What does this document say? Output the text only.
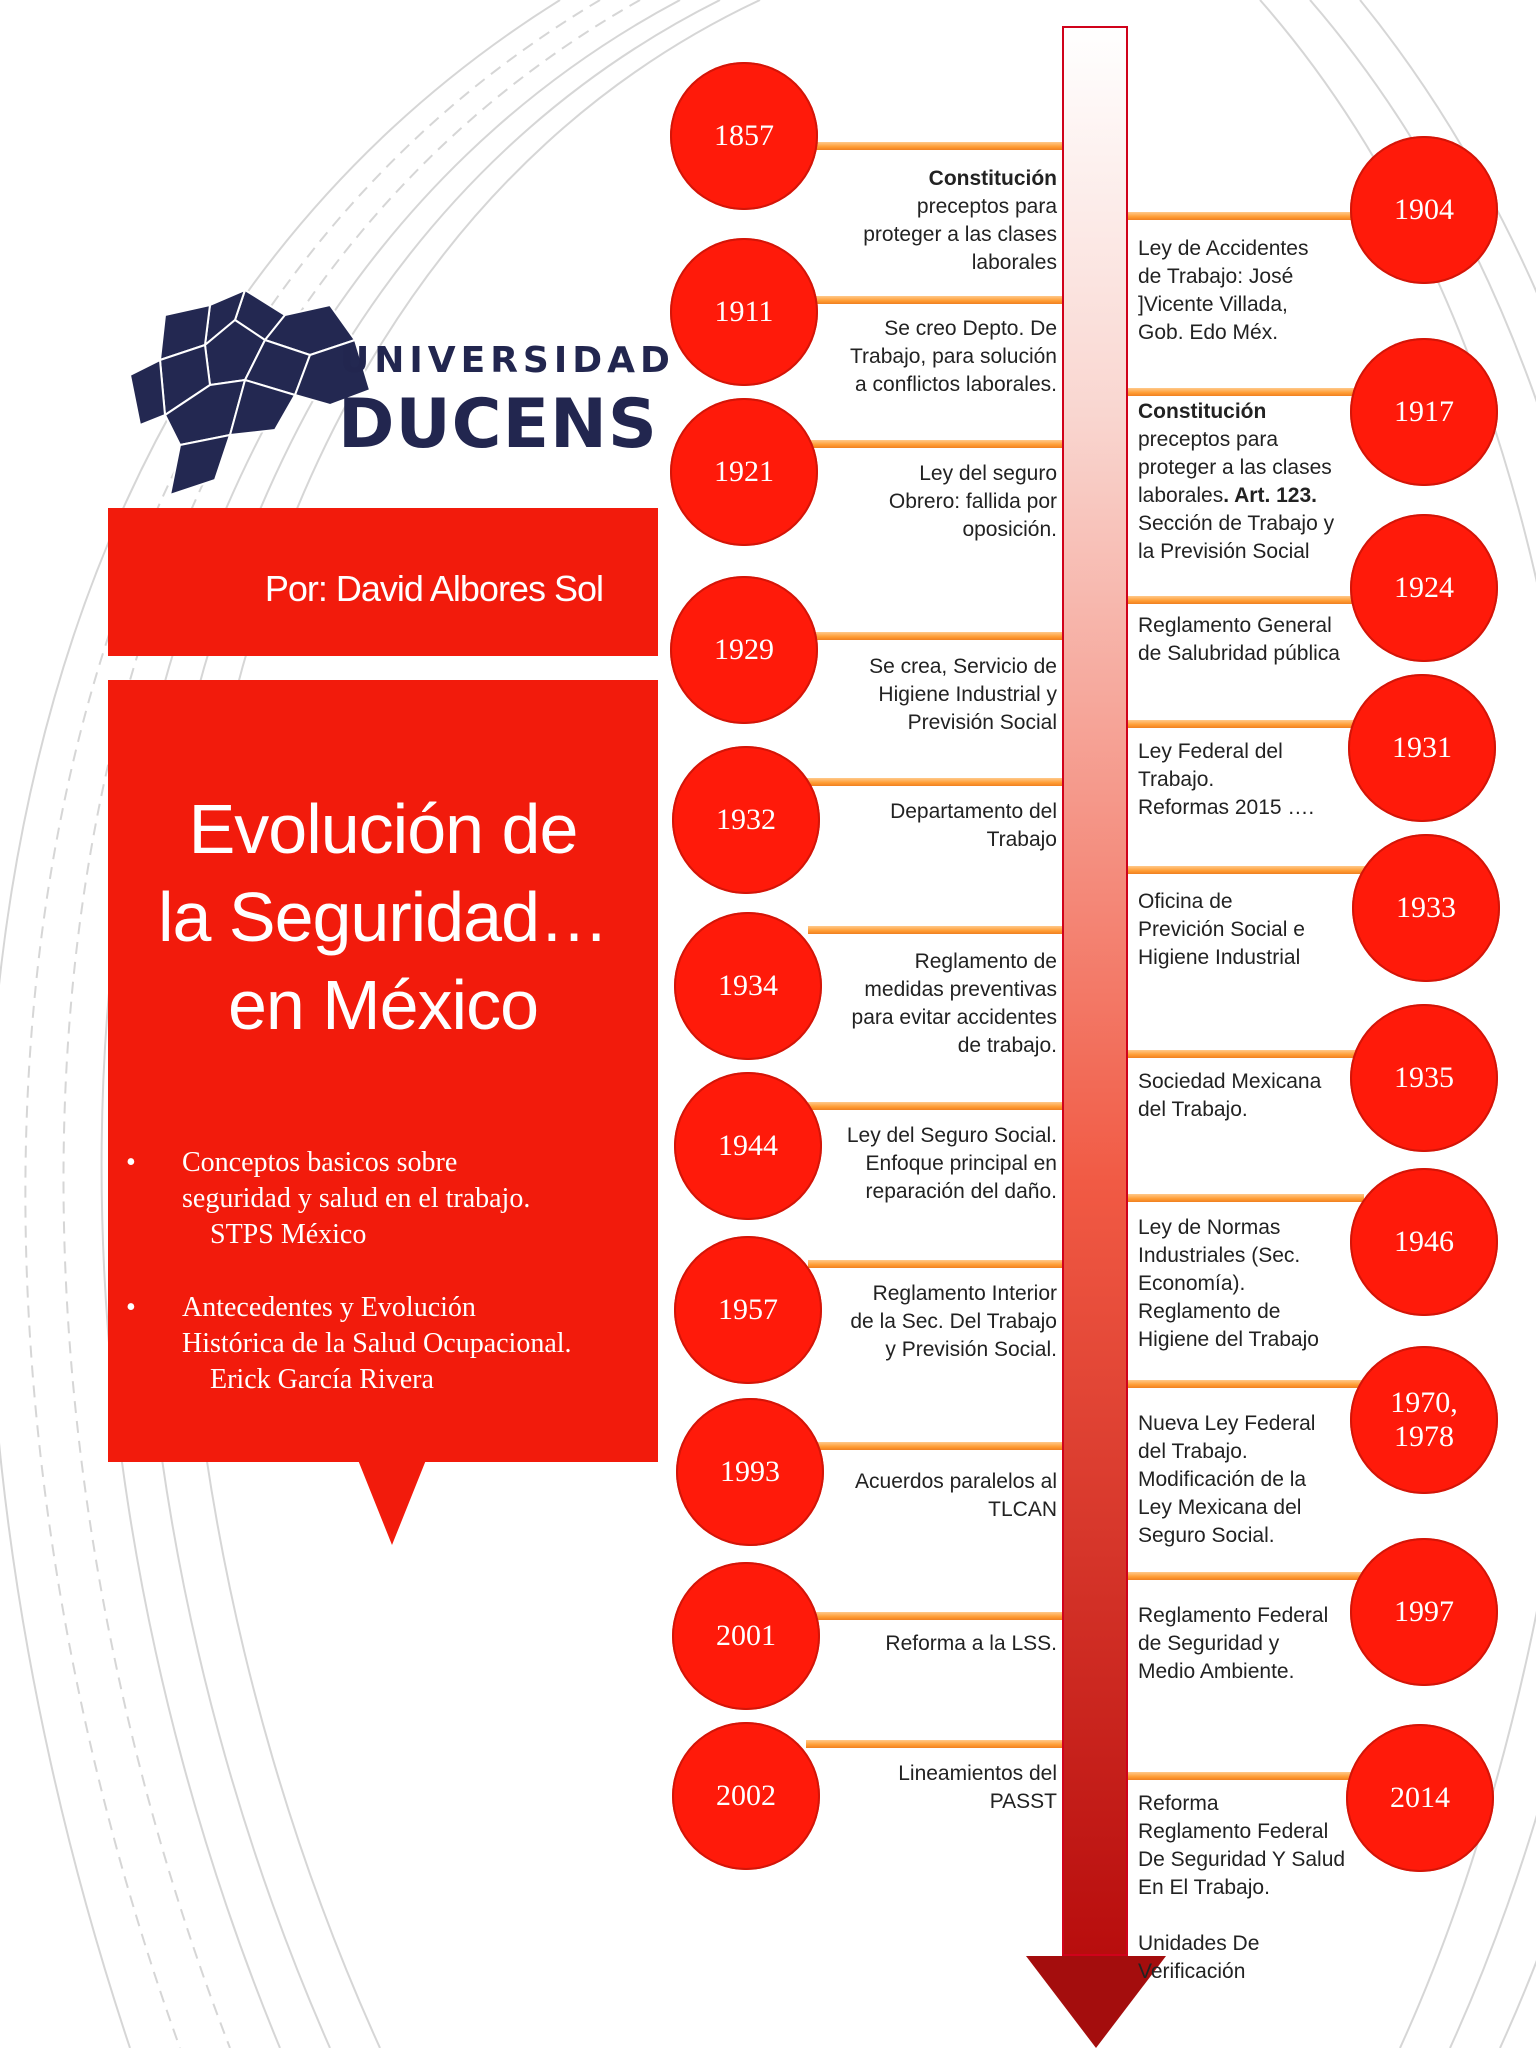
UNIVERSIDAD
DUCENS
Por: David Albores Sol
Evolución de
la Seguridad…
en México
• Conceptos basicos sobre
seguridad y salud en el trabajo.
STPS México
• Antecedentes y Evolución
Histórica de la Salud Ocupacional.
Erick García Rivera
1857
Constitución
preceptos para
proteger a las clases
laborales
1911
Se creo Depto. De
Trabajo, para solución
a conflictos laborales.
1921	Ley del seguro
Obrero: fallida por
oposición.
1929
Se crea, Servicio de
Higiene Industrial y
Previsión Social
1932	Departamento del
Trabajo
1934
Reglamento de
medidas preventivas
para evitar accidentes
de trabajo.
1944	Ley del Seguro Social.
Enfoque principal en
reparación del daño.
1957	Reglamento Interior
de la Sec. Del Trabajo
y Previsión Social.
1993	Acuerdos paralelos al
TLCAN
2001	Reforma a la LSS.
2002
Lineamientos del
PASST
1904
Ley de Accidentes
de Trabajo: José
]Vicente Villada,
Gob. Edo Méx.
1917
Constitución
preceptos para
proteger a las clases
laborales. Art. 123.
Sección de Trabajo y
la Previsión Social
1924
Reglamento General
de Salubridad pública
1931
Ley Federal del
Trabajo.
Reformas 2015 ….
1933
Oficina de
Previción Social e
Higiene Industrial
1935
Sociedad Mexicana
del Trabajo.
1946
Ley de Normas
Industriales (Sec.
Economía).
Reglamento de
Higiene del Trabajo
1970,
1978
Nueva Ley Federal
del Trabajo.
Modificación de la
Ley Mexicana del
Seguro Social.
1997
Reglamento Federal
de Seguridad y
Medio Ambiente.
2014
Reforma
Reglamento Federal
De Seguridad Y Salud
En El Trabajo.

Unidades De
Verificación
